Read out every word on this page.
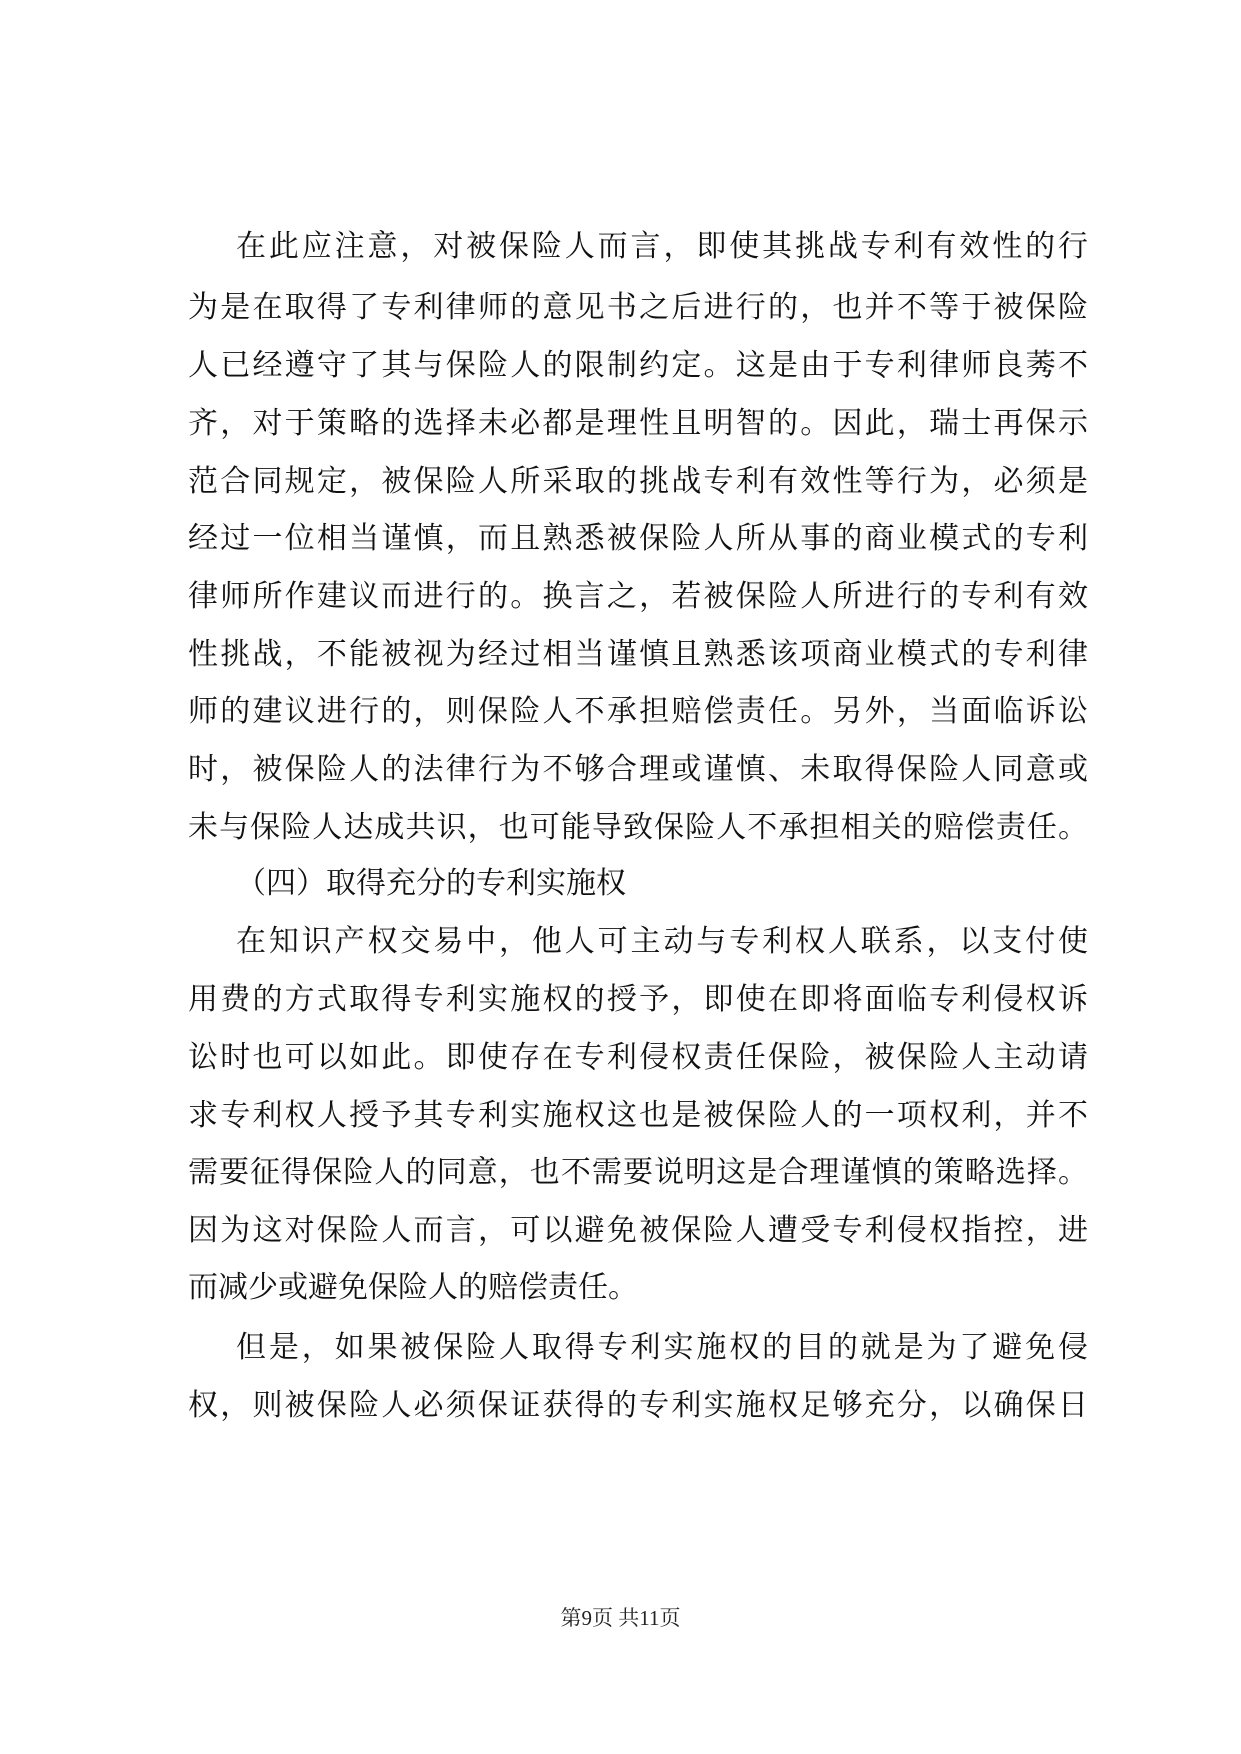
在此应注意，对被保险人而言，即使其挑战专利有效性的行
为是在取得了专利律师的意见书之后进行的，也并不等于被保险
人已经遵守了其与保险人的限制约定。这是由于专利律师良莠不
齐，对于策略的选择未必都是理性且明智的。因此，瑞士再保示
范合同规定，被保险人所采取的挑战专利有效性等行为，必须是
经过一位相当谨慎，而且熟悉被保险人所从事的商业模式的专利
律师所作建议而进行的。换言之，若被保险人所进行的专利有效
性挑战，不能被视为经过相当谨慎且熟悉该项商业模式的专利律
师的建议进行的，则保险人不承担赔偿责任。另外，当面临诉讼
时，被保险人的法律行为不够合理或谨慎、未取得保险人同意或
未与保险人达成共识，也可能导致保险人不承担相关的赔偿责任。
（四）取得充分的专利实施权
在知识产权交易中，他人可主动与专利权人联系，以支付使
用费的方式取得专利实施权的授予，即使在即将面临专利侵权诉
讼时也可以如此。即使存在专利侵权责任保险，被保险人主动请
求专利权人授予其专利实施权这也是被保险人的一项权利，并不
需要征得保险人的同意，也不需要说明这是合理谨慎的策略选择。
因为这对保险人而言，可以避免被保险人遭受专利侵权指控，进
而减少或避免保险人的赔偿责任。
但是，如果被保险人取得专利实施权的目的就是为了避免侵
权，则被保险人必须保证获得的专利实施权足够充分，以确保日
第9页 共11页
